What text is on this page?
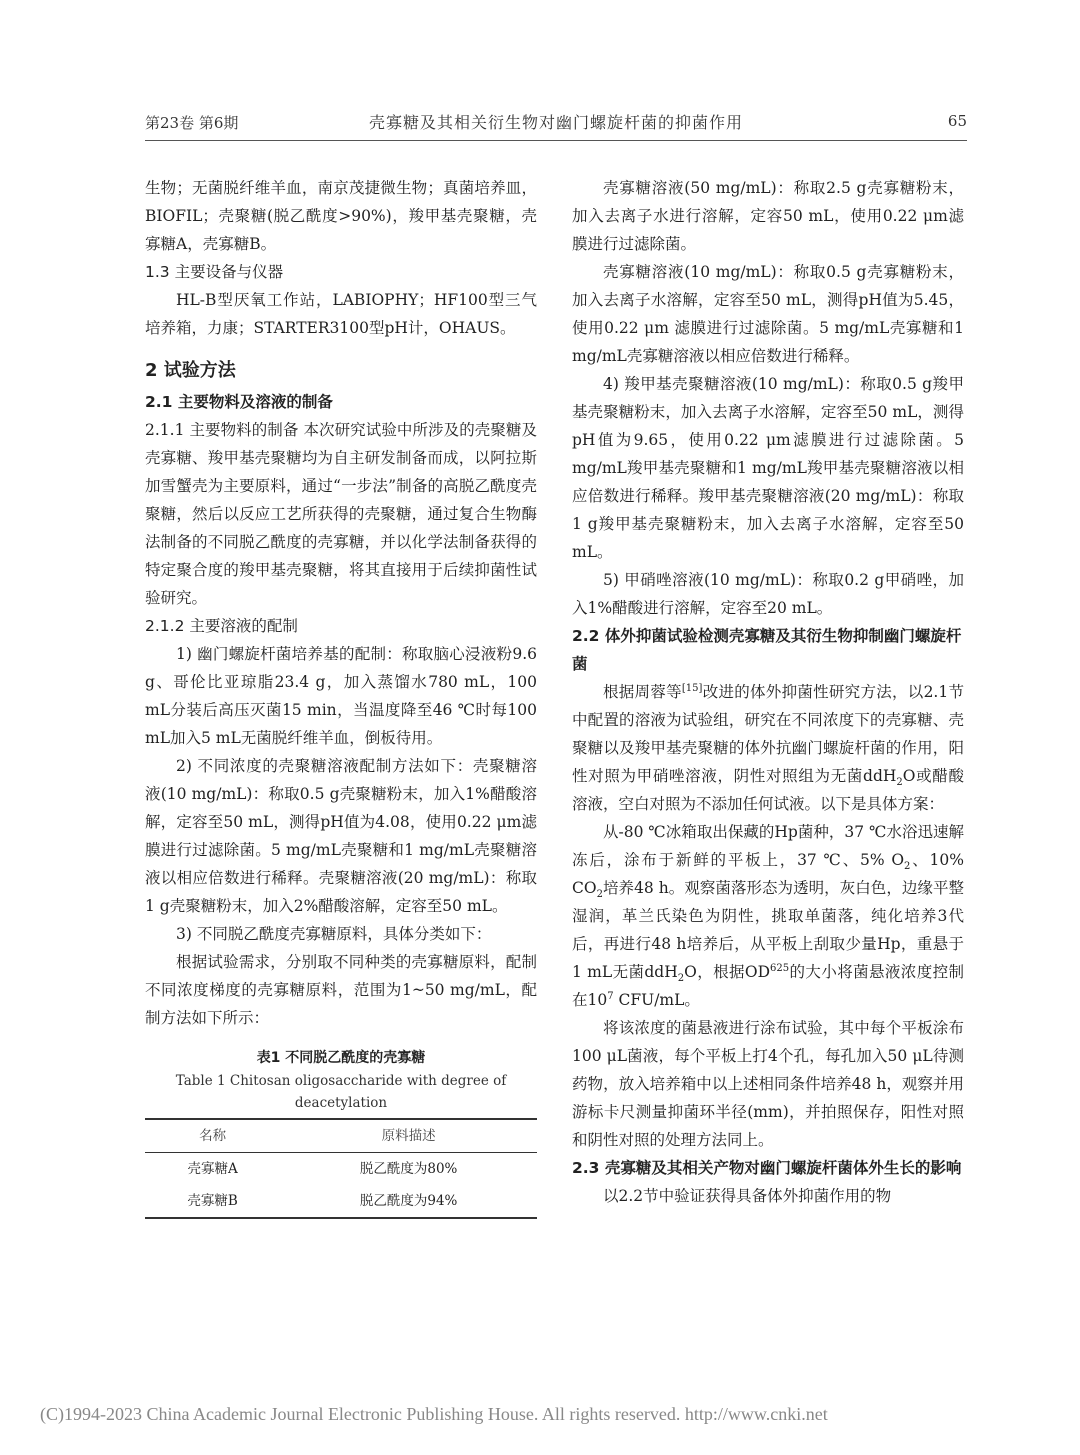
第23卷 第6期	壳寡糖及其相关衍生物对幽门螺旋杆菌的抑菌作用	65

生物；无菌脱纤维羊血，南京茂捷微生物；真菌培养皿，BIOFIL；壳聚糖(脱乙酰度>90%)，羧甲基壳聚糖，壳寡糖A，壳寡糖B。

1.3 主要设备与仪器

HL-B型厌氧工作站，LABIOPHY；HF100型三气培养箱，力康；STARTER3100型pH计，OHAUS。

2 试验方法
2.1 主要物料及溶液的制备

2.1.1 主要物料的制备 本次研究试验中所涉及的壳聚糖及壳寡糖、羧甲基壳聚糖均为自主研发制备而成，以阿拉斯加雪蟹壳为主要原料，通过“一步法”制备的高脱乙酰度壳聚糖，然后以反应工艺所获得的壳聚糖，通过复合生物酶法制备的不同脱乙酰度的壳寡糖，并以化学法制备获得的特定聚合度的羧甲基壳聚糖，将其直接用于后续抑菌性试验研究。

2.1.2 主要溶液的配制

1) 幽门螺旋杆菌培养基的配制：称取脑心浸液粉9.6 g、哥伦比亚琼脂23.4 g，加入蒸馏水780 mL，100 mL分装后高压灭菌15 min，当温度降至46 ℃时每100 mL加入5 mL无菌脱纤维羊血，倒板待用。

2) 不同浓度的壳聚糖溶液配制方法如下：壳聚糖溶液(10 mg/mL)：称取0.5 g壳聚糖粉末，加入1%醋酸溶解，定容至50 mL，测得pH值为4.08，使用0.22 μm滤膜进行过滤除菌。5 mg/mL壳聚糖和1 mg/mL壳聚糖溶液以相应倍数进行稀释。壳聚糖溶液(20 mg/mL)：称取1 g壳聚糖粉末，加入2%醋酸溶解，定容至50 mL。

3) 不同脱乙酰度壳寡糖原料，具体分类如下：

根据试验需求，分别取不同种类的壳寡糖原料，配制不同浓度梯度的壳寡糖原料，范围为1~50 mg/mL，配制方法如下所示：

表1 不同脱乙酰度的壳寡糖
Table 1 Chitosan oligosaccharide with degree of deacetylation
名称	原料描述
壳寡糖A	脱乙酰度为80%
壳寡糖B	脱乙酰度为94%

壳寡糖溶液(50 mg/mL)：称取2.5 g壳寡糖粉末，加入去离子水进行溶解，定容50 mL，使用0.22 μm滤膜进行过滤除菌。

壳寡糖溶液(10 mg/mL)：称取0.5 g壳寡糖粉末，加入去离子水溶解，定容至50 mL，测得pH值为5.45，使用0.22 μm 滤膜进行过滤除菌。5 mg/mL壳寡糖和1 mg/mL壳寡糖溶液以相应倍数进行稀释。

4) 羧甲基壳聚糖溶液(10 mg/mL)：称取0.5 g羧甲基壳聚糖粉末，加入去离子水溶解，定容至50 mL，测得pH值为9.65，使用0.22 μm滤膜进行过滤除菌。5 mg/mL羧甲基壳聚糖和1 mg/mL羧甲基壳聚糖溶液以相应倍数进行稀释。羧甲基壳聚糖溶液(20 mg/mL)：称取1 g羧甲基壳聚糖粉末，加入去离子水溶解，定容至50 mL。

5) 甲硝唑溶液(10 mg/mL)：称取0.2 g甲硝唑，加入1%醋酸进行溶解，定容至20 mL。

2.2 体外抑菌试验检测壳寡糖及其衍生物抑制幽门螺旋杆菌

根据周蓉等[15]改进的体外抑菌性研究方法，以2.1节中配置的溶液为试验组，研究在不同浓度下的壳寡糖、壳聚糖以及羧甲基壳聚糖的体外抗幽门螺旋杆菌的作用，阳性对照为甲硝唑溶液，阴性对照组为无菌ddH$_2$O或醋酸溶液，空白对照为不添加任何试液。以下是具体方案：

从-80 ℃冰箱取出保藏的Hp菌种，37 ℃水浴迅速解冻后，涂布于新鲜的平板上，37 ℃、5% $O_2$、10% $CO_2$培养48 h。观察菌落形态为透明，灰白色，边缘平整湿润，革兰氏染色为阴性，挑取单菌落，纯化培养3代后，再进行48 h培养后，从平板上刮取少量Hp，重悬于1 mL无菌ddH$_2$O，根据OD$^{625}$的大小将菌悬液浓度控制在$10^7$ CFU/mL。

将该浓度的菌悬液进行涂布试验，其中每个平板涂布100 μL菌液，每个平板上打4个孔，每孔加入50 μL待测药物，放入培养箱中以上述相同条件培养48 h，观察并用游标卡尺测量抑菌环半径(mm)，并拍照保存，阳性对照和阴性对照的处理方法同上。

2.3 壳寡糖及其相关产物对幽门螺旋杆菌体外生长的影响

以2.2节中验证获得具备体外抑菌作用的物

(C)1994-2023 China Academic Journal Electronic Publishing House. All rights reserved. http://www.cnki.net
